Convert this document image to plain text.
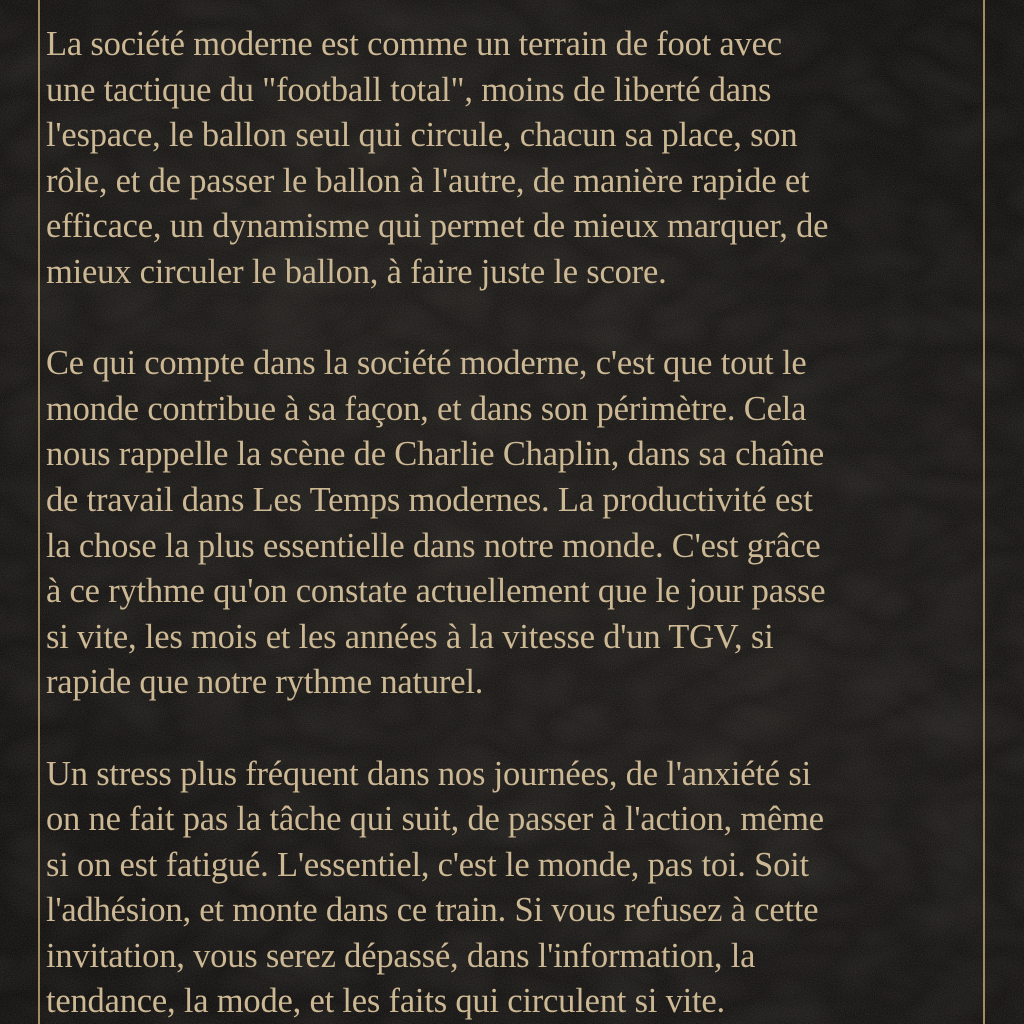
La société moderne est comme un terrain de foot avec
une tactique du "football total", moins de liberté dans
l'espace, le ballon seul qui circule, chacun sa place, son
rôle, et de passer le ballon à l'autre, de manière rapide et
efficace, un dynamisme qui permet de mieux marquer, de
mieux circuler le ballon, à faire juste le score.

Ce qui compte dans la société moderne, c'est que tout le
monde contribue à sa façon, et dans son périmètre. Cela
nous rappelle la scène de Charlie Chaplin, dans sa chaîne
de travail dans Les Temps modernes. La productivité est
la chose la plus essentielle dans notre monde. C'est grâce
à ce rythme qu'on constate actuellement que le jour passe
si vite, les mois et les années à la vitesse d'un TGV, si
rapide que notre rythme naturel.

Un stress plus fréquent dans nos journées, de l'anxiété si
on ne fait pas la tâche qui suit, de passer à l'action, même
si on est fatigué. L'essentiel, c'est le monde, pas toi. Soit
l'adhésion, et monte dans ce train. Si vous refusez à cette
invitation, vous serez dépassé, dans l'information, la
tendance, la mode, et les faits qui circulent si vite.
